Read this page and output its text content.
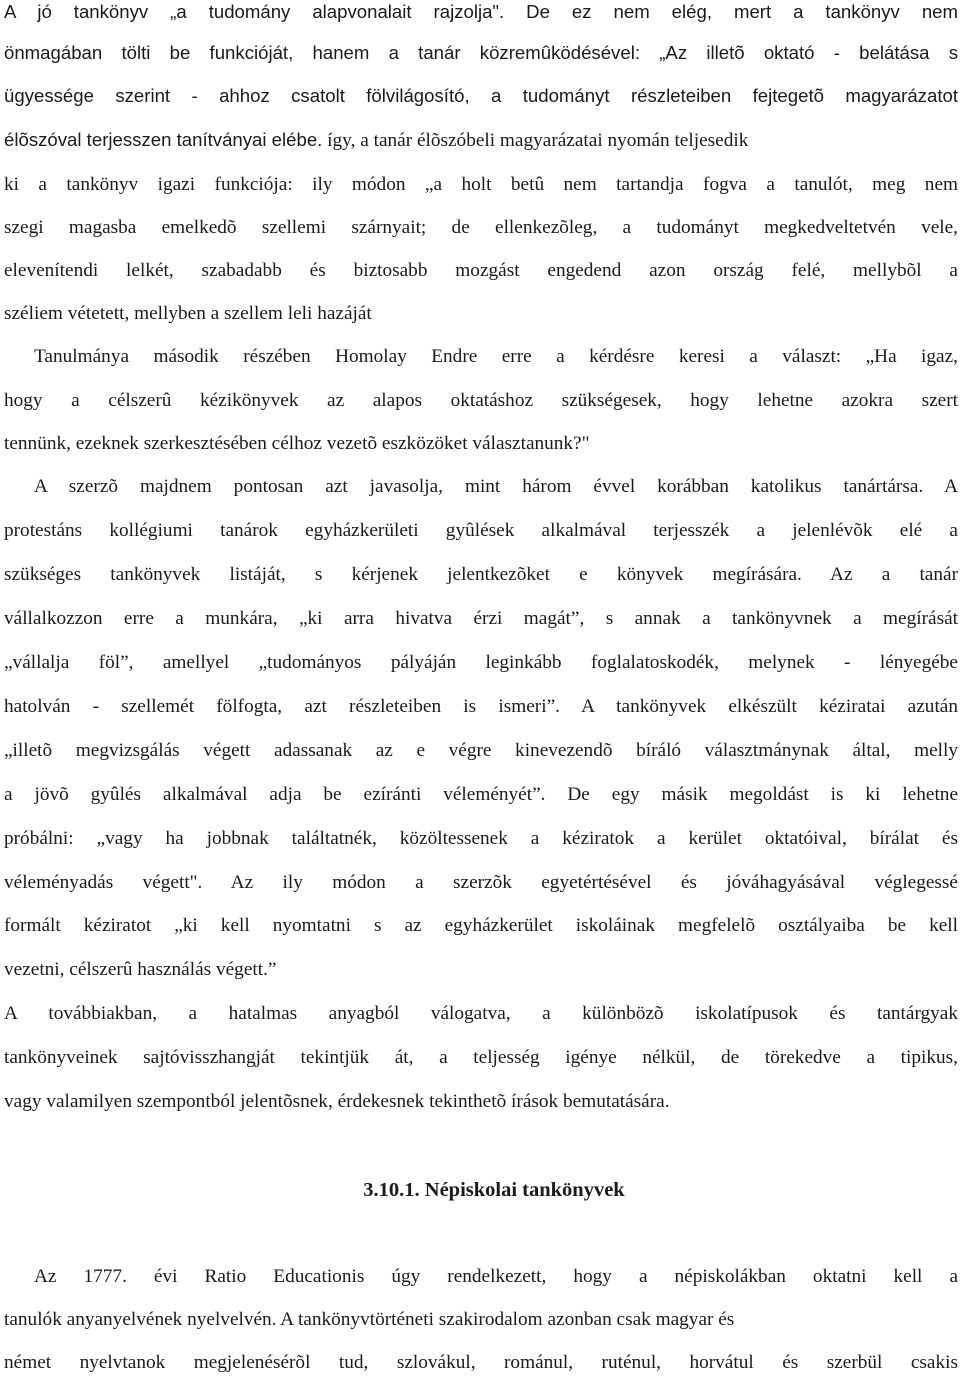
A jó tankönyv „a tudomány alapvonalait rajzolja". De ez nem elég, mert a tankönyv nem
önmagában tölti be funkcióját, hanem a tanár közremûködésével: „Az illetõ oktató - belátása s
ügyessége szerint - ahhoz csatolt fölvilágosító, a tudományt részleteiben fejtegetõ magyarázatot
élõszóval terjesszen tanítványai elébe. így, a tanár élõszóbeli magyarázatai nyomán teljesedik
ki a tankönyv igazi funkciója: ily módon „a holt betû nem tartandja fogva a tanulót, meg nem
szegi magasba emelkedõ szellemi szárnyait; de ellenkezõleg, a tudományt megkedveltetvén vele,
elevenítendi lelkét, szabadabb és biztosabb mozgást engedend azon ország felé, mellybõl a
széliem vétetett, mellyben a szellem leli hazáját
Tanulmánya második részében Homolay Endre erre a kérdésre keresi a választ: „Ha igaz,
hogy a célszerû kézikönyvek az alapos oktatáshoz szükségesek, hogy lehetne azokra szert
tennünk, ezeknek szerkesztésében célhoz vezetõ eszközöket választanunk?"
A szerzõ majdnem pontosan azt javasolja, mint három évvel korábban katolikus tanártársa. A
protestáns kollégiumi tanárok egyházkerületi gyûlések alkalmával terjesszék a jelenlévõk elé a
szükséges tankönyvek listáját, s kérjenek jelentkezõket e könyvek megírására. Az a tanár
vállalkozzon erre a munkára, „ki arra hivatva érzi magát”, s annak a tankönyvnek a megírását
„vállalja föl”, amellyel „tudományos pályáján leginkább foglalatoskodék, melynek - lényegébe
hatolván - szellemét fölfogta, azt részleteiben is ismeri”. A tankönyvek elkészült kéziratai azután
„illetõ megvizsgálás végett adassanak az e végre kinevezendõ bíráló választmánynak által, melly
a jövõ gyûlés alkalmával adja be ezíránti véleményét”. De egy másik megoldást is ki lehetne
próbálni: „vagy ha jobbnak találtatnék, közöltessenek a kéziratok a kerület oktatóival, bírálat és
véleményadás végett". Az ily módon a szerzõk egyetértésével és jóváhagyásával véglegessé
formált kéziratot „ki kell nyomtatni s az egyházkerület iskoláinak megfelelõ osztályaiba be kell
vezetni, célszerû használás végett.”
A továbbiakban, a hatalmas anyagból válogatva, a különbözõ iskolatípusok és tantárgyak
tankönyveinek sajtóvisszhangját tekintjük át, a teljesség igénye nélkül, de törekedve a tipikus,
vagy valamilyen szempontból jelentõsnek, érdekesnek tekinthetõ írások bemutatására.
3.10.1. Népiskolai tankönyvek
Az 1777. évi Ratio Educationis úgy rendelkezett, hogy a népiskolákban oktatni kell a
tanulók anyanyelvének nyelvelvén. A tankönyvtörténeti szakirodalom azonban csak magyar és
német nyelvtanok megjelenésérõl tud, szlovákul, románul, ruténul, horvátul és szerbül csakis
